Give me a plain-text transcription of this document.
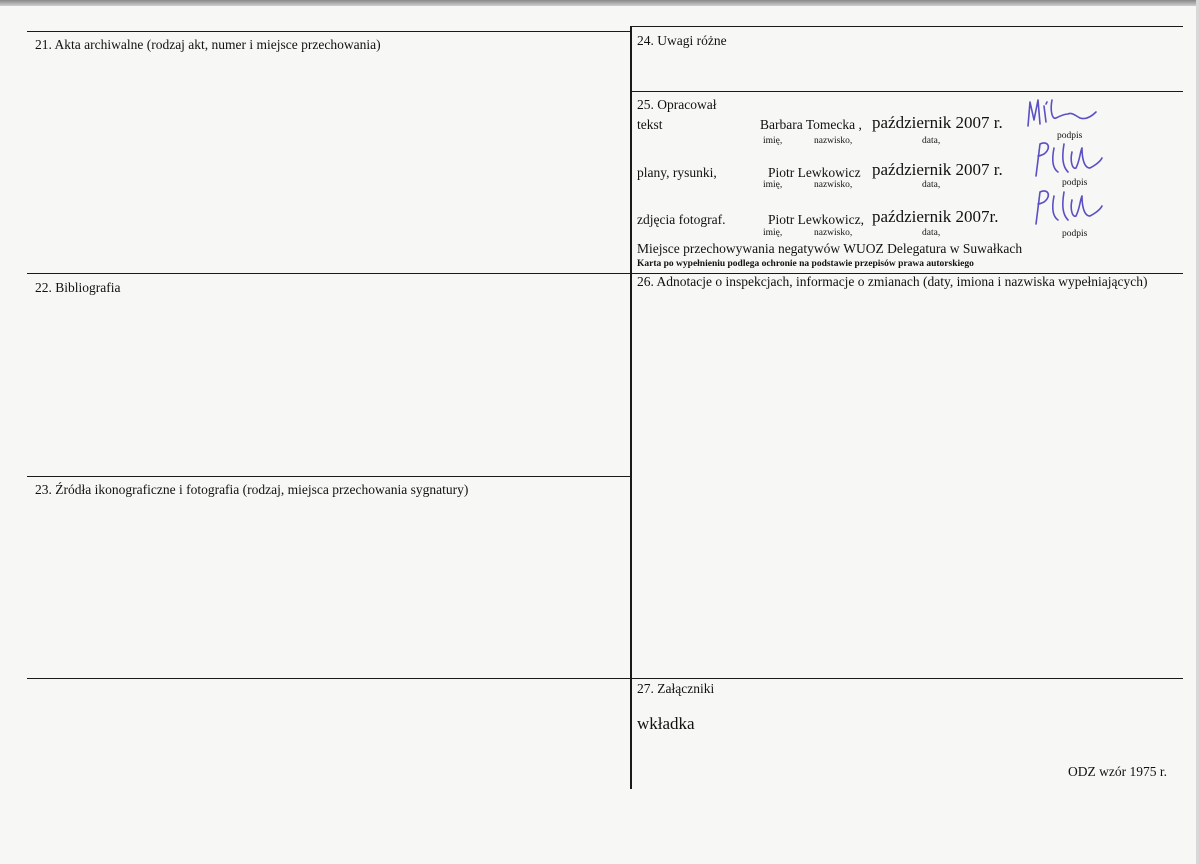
21. Akta archiwalne (rodzaj akt, numer i miejsce przechowania)	24. Uwagi różne
25. Opracował
22. Bibliografia	26. Adnotacje o inspekcjach, informacje o zmianach (daty, imiona i nazwiska wypełniających)
23. Źródła ikonograficzne i fotografia (rodzaj, miejsca przechowania sygnatury)
27. Załączniki
tekst	Barbara Tomecka , październik 2007 r.
imię,	nazwisko,	data,	podpis
plany, rysunki,	Piotr Lewkowicz październik 2007 r.
imię,	nazwisko,	data,	podpis
zdjęcia fotograf.	Piotr Lewkowicz, październik 2007r.
imię,	nazwisko,	data,	podpis
Miejsce przechowywania negatywów WUOZ Delegatura w Suwałkach
Karta po wypełnieniu podlega ochronie na podstawie przepisów prawa autorskiego
wkładka
ODZ wzór 1975 r.
